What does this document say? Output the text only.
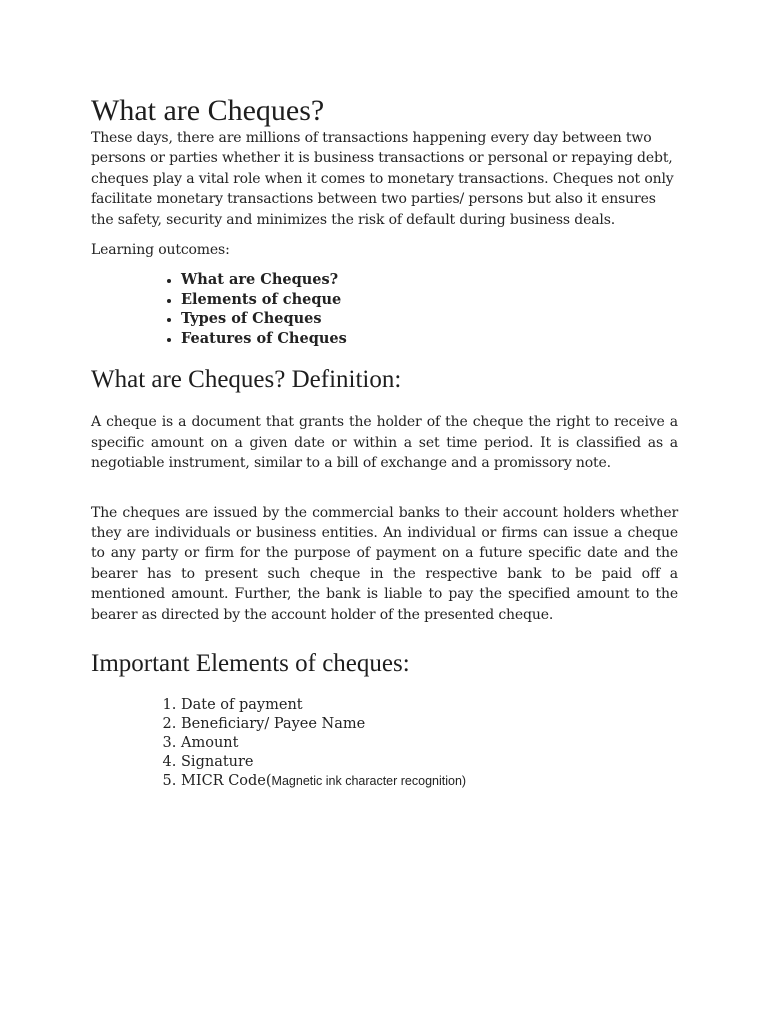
What are Cheques?

These days, there are millions of transactions happening every day between two persons or parties whether it is business transactions or personal or repaying debt, cheques play a vital role when it comes to monetary transactions. Cheques not only facilitate monetary transactions between two parties/ persons but also it ensures the safety, security and minimizes the risk of default during business deals.

Learning outcomes:

• What are Cheques?
• Elements of cheque
• Types of Cheques
• Features of Cheques
What are Cheques? Definition:

A cheque is a document that grants the holder of the cheque the right to receive a specific amount on a given date or within a set time period. It is classified as a negotiable instrument, similar to a bill of exchange and a promissory note.

The cheques are issued by the commercial banks to their account holders whether they are individuals or business entities. An individual or firms can issue a cheque to any party or firm for the purpose of payment on a future specific date and the bearer has to present such cheque in the respective bank to be paid off a mentioned amount. Further, the bank is liable to pay the specified amount to the bearer as directed by the account holder of the presented cheque.

Important Elements of cheques:
1. Date of payment
2. Beneficiary/ Payee Name
3. Amount
4. Signature
5. MICR Code(Magnetic ink character recognition)
